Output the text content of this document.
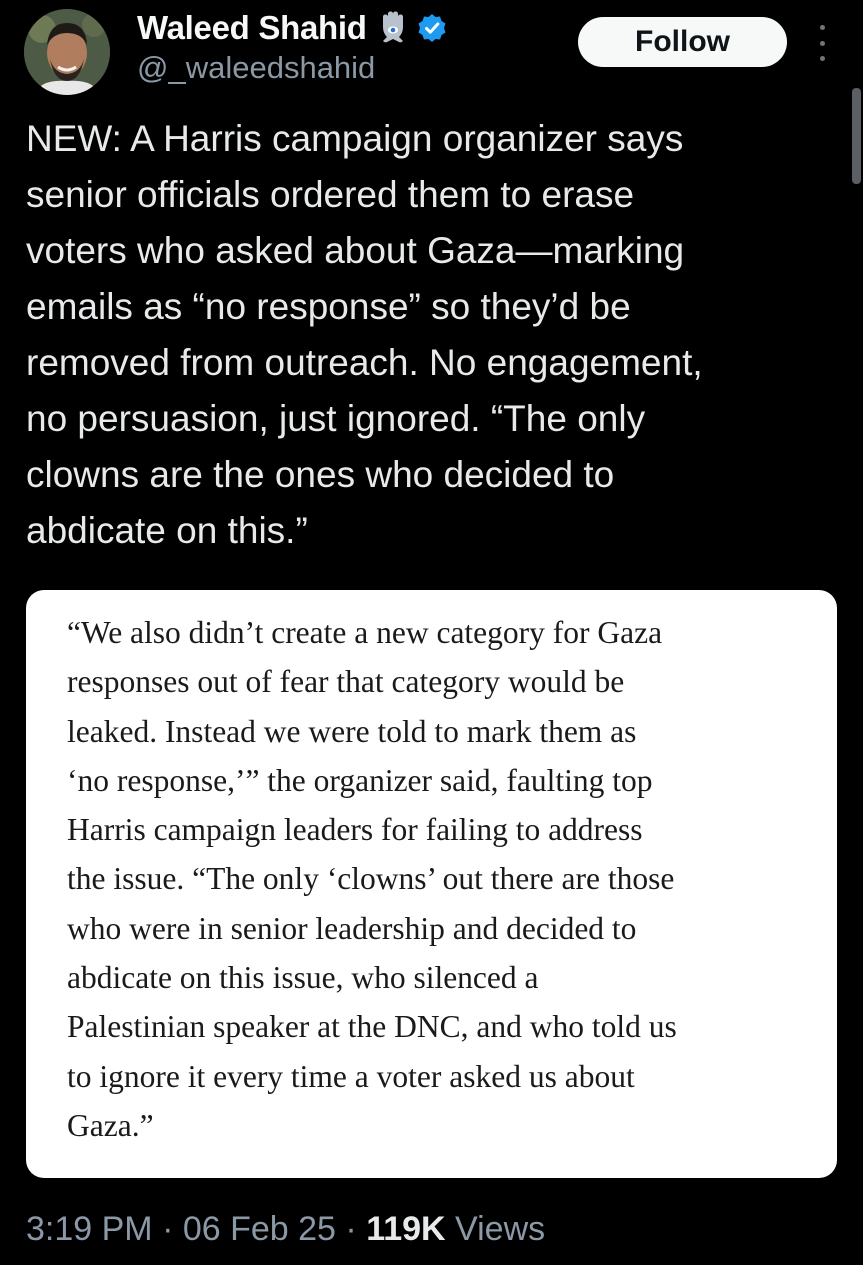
Waleed Shahid
@_waleedshahid
Follow
NEW: A Harris campaign organizer says
senior officials ordered them to erase
voters who asked about Gaza—marking
emails as “no response” so they’d be
removed from outreach. No engagement,
no persuasion, just ignored. “The only
clowns are the ones who decided to
abdicate on this.”
“We also didn’t create a new category for Gaza
responses out of fear that category would be
leaked. Instead we were told to mark them as
‘no response,’” the organizer said, faulting top
Harris campaign leaders for failing to address
the issue. “The only ‘clowns’ out there are those
who were in senior leadership and decided to
abdicate on this issue, who silenced a
Palestinian speaker at the DNC, and who told us
to ignore it every time a voter asked us about
Gaza.”
3:19 PM · 06 Feb 25 · 119K Views
